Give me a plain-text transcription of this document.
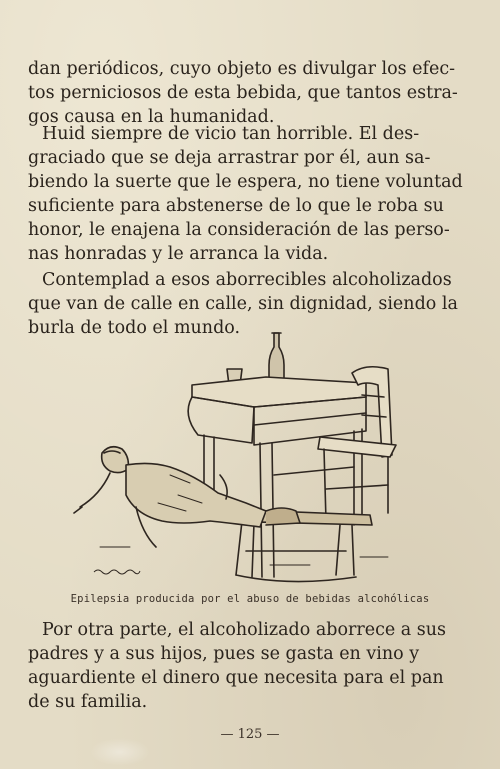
dan periódicos, cuyo objeto es divulgar los efec-
tos perniciosos de esta bebida, que tantos estra-
gos causa en la humanidad.

Huid siempre de vicio tan horrible. El des-
graciado que se deja arrastrar por él, aun sa-
biendo la suerte que le espera, no tiene voluntad
suficiente para abstenerse de lo que le roba su
honor, le enajena la consideración de las perso-
nas honradas y le arranca la vida.

Contemplad a esos aborrecibles alcoholizados
que van de calle en calle, sin dignidad, siendo la
burla de todo el mundo.

Epilepsia producida por el abuso de bebidas alcohólicas

Por otra parte, el alcoholizado aborrece a sus
padres y a sus hijos, pues se gasta en vino y
aguardiente el dinero que necesita para el pan
de su familia.

— 125 —
